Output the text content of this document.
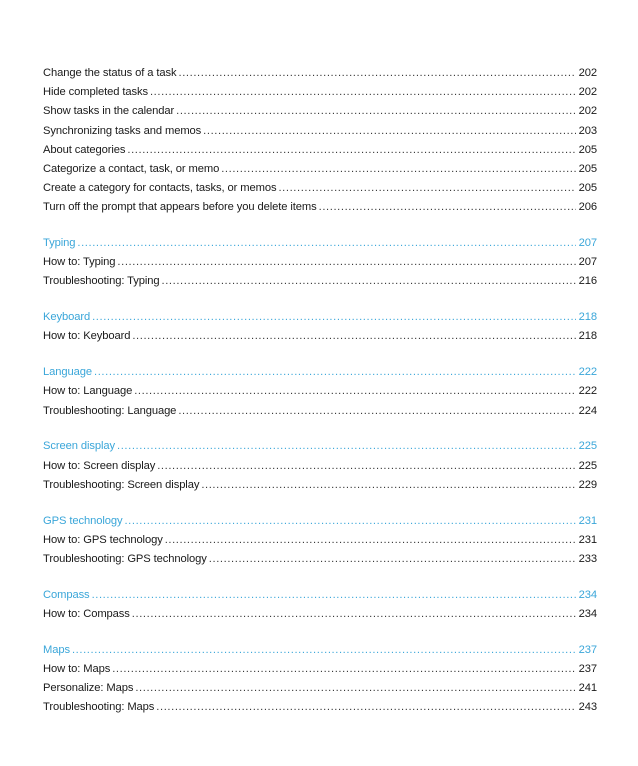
Change the status of a task .....	202
Hide completed tasks .....	202
Show tasks in the calendar .....	202
Synchronizing tasks and memos .....	203
About categories .....	205
Categorize a contact, task, or memo .....	205
Create a category for contacts, tasks, or memos .....	205
Turn off the prompt that appears before you delete items .....	206
Typing .....	207
How to: Typing .....	207
Troubleshooting: Typing .....	216
Keyboard .....	218
How to: Keyboard .....	218
Language .....	222
How to: Language .....	222
Troubleshooting: Language .....	224
Screen display .....	225
How to: Screen display .....	225
Troubleshooting: Screen display .....	229
GPS technology .....	231
How to: GPS technology .....	231
Troubleshooting: GPS technology .....	233
Compass .....	234
How to: Compass .....	234
Maps .....	237
How to: Maps .....	237
Personalize: Maps .....	241
Troubleshooting: Maps .....	243
